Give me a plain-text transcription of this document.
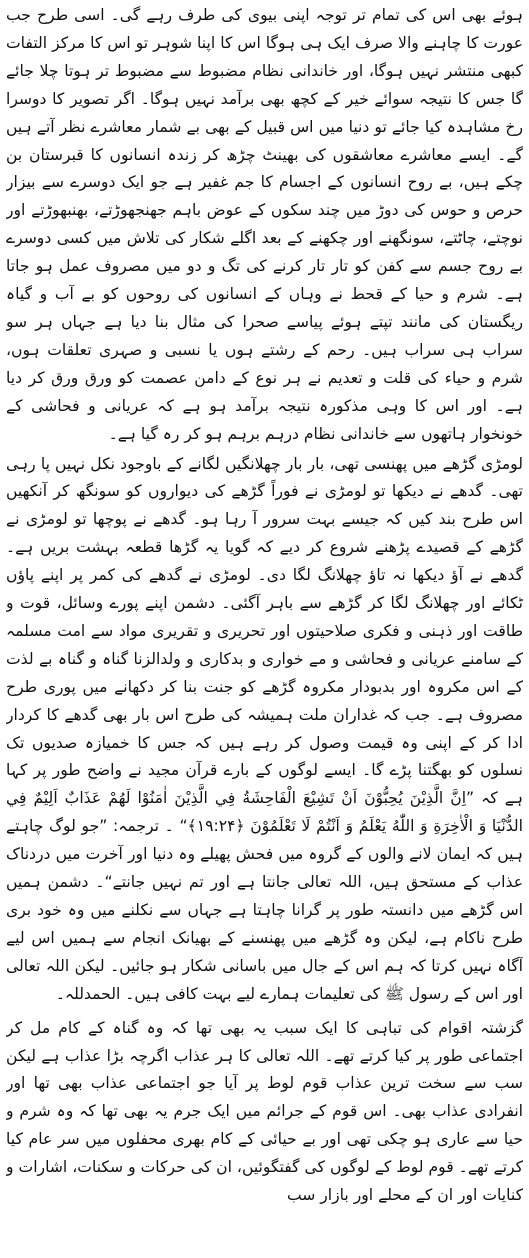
ہوئے بھی اس کی تمام تر توجہ اپنی بیوی کی طرف رہے گی۔ اسی طرح جب عورت کا چاہنے والا صرف ایک ہی ہوگا اس کا اپنا شوہر تو اس کا مرکز التفات کبھی منتشر نہیں ہوگا، اور خاندانی نظام مضبوط سے مضبوط تر ہوتا چلا جائے گا جس کا نتیجہ سوائے خیر کے کچھ بھی برآمد نہیں ہوگا۔ اگر تصویر کا دوسرا رخ مشاہدہ کیا جائے تو دنیا میں اس قبیل کے بھی بے شمار معاشرے نظر آتے ہیں گے۔ ایسے معاشرے معاشقوں کی بھینٹ چڑھ کر زندہ انسانوں کا قبرستان بن چکے ہیں، بے روح انسانوں کے اجسام کا جم غفیر ہے جو ایک دوسرے سے بیزار حرص و حوس کی دوڑ میں چند سکوں کے عوض باہم جھنجھوڑتے، بھنبھوڑتے اور نوچتے، چاٹتے، سونگھنے اور چکھنے کے بعد اگلے شکار کی تلاش میں کسی دوسرے بے روح جسم سے کفن کو تار تار کرنے کی تگ و دو میں مصروف عمل ہو جاتا ہے۔ شرم و حیا کے قحط نے وہاں کے انسانوں کی روحوں کو بے آب و گیاہ ریگستان کی مانند تپتے ہوئے پیاسے صحرا کی مثال بنا دیا ہے جہاں ہر سو سراب ہی سراب ہیں۔ رحم کے رشتے ہوں یا نسبی و صہری تعلقات ہوں، شرم و حیاء کی قلت و تعدیم نے ہر نوع کے دامن عصمت کو ورق ورق کر دیا ہے۔ اور اس کا وہی مذکورہ نتیجہ برآمد ہو ہے کہ عریانی و فحاشی کے خونخوار ہاتھوں سے خاندانی نظام درہم برہم ہو کر رہ گیا ہے۔

لومڑی گڑھے میں پھنسی تھی، بار بار چھلانگیں لگانے کے باوجود نکل نہیں پا رہی تھی۔ گدھے نے دیکھا تو لومڑی نے فوراً گڑھے کی دیواروں کو سونگھ کر آنکھیں اس طرح بند کیں کہ جیسے بہت سرور آ رہا ہو۔ گدھے نے پوچھا تو لومڑی نے گڑھے کے قصیدے پڑھنے شروع کر دیے کہ گویا یہ گڑھا قطعہ بہشت بریں ہے۔ گدھے نے آؤ دیکھا نہ تاؤ چھلانگ لگا دی۔ لومڑی نے گدھے کی کمر پر اپنے پاؤں ٹکائے اور چھلانگ لگا کر گڑھے سے باہر آگئی۔ دشمن اپنے پورے وسائل، قوت و طاقت اور ذہنی و فکری صلاحیتوں اور تحریری و تقریری مواد سے امت مسلمہ کے سامنے عریانی و فحاشی و مے خواری و بدکاری و ولدالزنا گناہ و گناہ بے لذت کے اس مکروہ اور بدبودار مکروہ گڑھے کو جنت بنا کر دکھانے میں پوری طرح مصروف ہے۔ جب کہ غداران ملت ہمیشہ کی طرح اس بار بھی گدھے کا کردار ادا کر کے اپنی وہ قیمت وصول کر رہے ہیں کہ جس کا خمیازہ صدیوں تک نسلوں کو بھگتنا پڑے گا۔ ایسے لوگوں کے بارے قرآن مجید نے واضح طور پر کہا ہے کہ ”اِنَّ الَّذِيْنَ يُحِبُّوْنَ اَنْ تَشِيْعَ الْفَاحِشَةُ فِي الَّذِيْنَ اٰمَنُوْا لَهُمْ عَذَابٌ اَلِيْمٌ فِي الدُّنْيَا وَ الْاٰخِرَةِ وَ اللّٰهُ يَعْلَمُ وَ اَنْتُمْ لَا تَعْلَمُوْنَ ﴿۱۹:۲۴﴾“ ۔ ترجمہ: ”جو لوگ چاہتے ہیں کہ ایمان لانے والوں کے گروہ میں فحش پھیلے وہ دنیا اور آخرت میں دردناک عذاب کے مستحق ہیں، اللہ تعالی جانتا ہے اور تم نہیں جانتے“۔ دشمن ہمیں اس گڑھے میں دانستہ طور پر گرانا چاہتا ہے جہاں سے نکلنے میں وہ خود بری طرح ناکام ہے، لیکن وہ گڑھے میں پھنسنے کے بھیانک انجام سے ہمیں اس لیے آگاہ نہیں کرتا کہ ہم اس کے جال میں باسانی شکار ہو جائیں۔ لیکن اللہ تعالی اور اس کے رسول ﷺ کی تعلیمات ہمارے لیے بہت کافی ہیں۔ الحمدللہ۔

گزشتہ اقوام کی تباہی کا ایک سبب یہ بھی تھا کہ وہ گناہ کے کام مل کر اجتماعی طور پر کیا کرتے تھے۔ اللہ تعالی کا ہر عذاب اگرچہ بڑا عذاب ہے لیکن سب سے سخت ترین عذاب قوم لوط پر آیا جو اجتماعی عذاب بھی تھا اور انفرادی عذاب بھی۔ اس قوم کے جرائم میں ایک جرم یہ بھی تھا کہ وہ شرم و حیا سے عاری ہو چکی تھی اور بے حیائی کے کام بھری محفلوں میں سر عام کیا کرتے تھے۔ قوم لوط کے لوگوں کی گفتگوئیں، ان کی حرکات و سکنات، اشارات و کنایات اور ان کے محلے اور بازار سب
